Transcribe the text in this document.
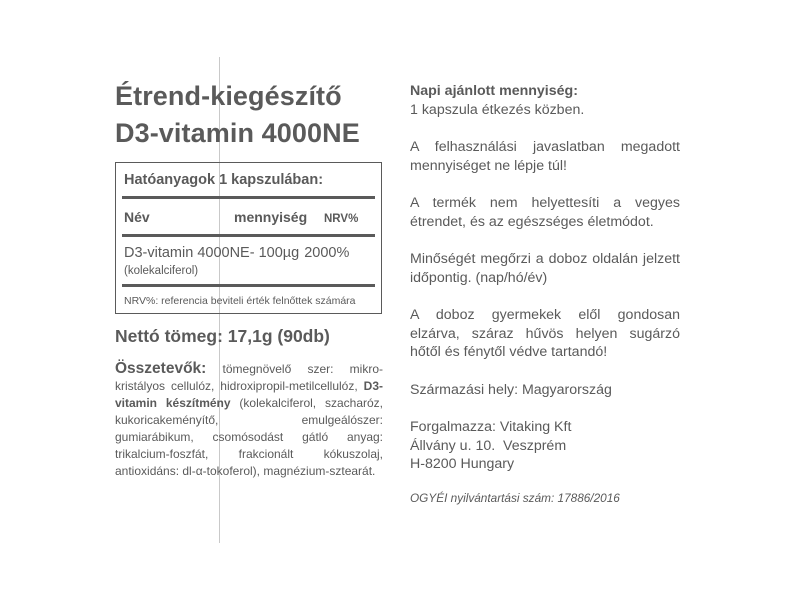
Étrend-kiegészítő
D3-vitamin 4000NE
Hatóanyagok 1 kapszulában:
Név	mennyiség	NRV%
D3-vitamin 4000NE - 100µg 2000%
(kolekalciferol)
NRV%: referencia beviteli érték felnőttek számára
Nettó tömeg: 17,1g (90db)
Összetevők: tömegnövelő szer: mikro-kristályos cellulóz, hidroxipropil-metilcellulóz, D3-vitamin készítmény (kolekalciferol, szacharóz, kukoricakeményítő, emulgeálószer: gumiarábikum, csomósodást gátló anyag: trikalcium-foszfát, frakcionált kókuszolaj, antioxidáns: dl-α-tokoferol), magnézium-sztearát.

Napi ajánlott mennyiség:
1 kapszula étkezés közben.

A felhasználási javaslatban megadott mennyiséget ne lépje túl!

A termék nem helyettesíti a vegyes étrendet, és az egészséges életmódot.

Minőségét megőrzi a doboz oldalán jelzett időpontig. (nap/hó/év)

A doboz gyermekek elől gondosan elzárva, száraz hűvös helyen sugárzó hőtől és fénytől védve tartandó!

Származási hely: Magyarország

Forgalmazza: Vitaking Kft
Állvány u. 10.  Veszprém
H-8200 Hungary

OGYÉI nyilvántartási szám: 17886/2016
